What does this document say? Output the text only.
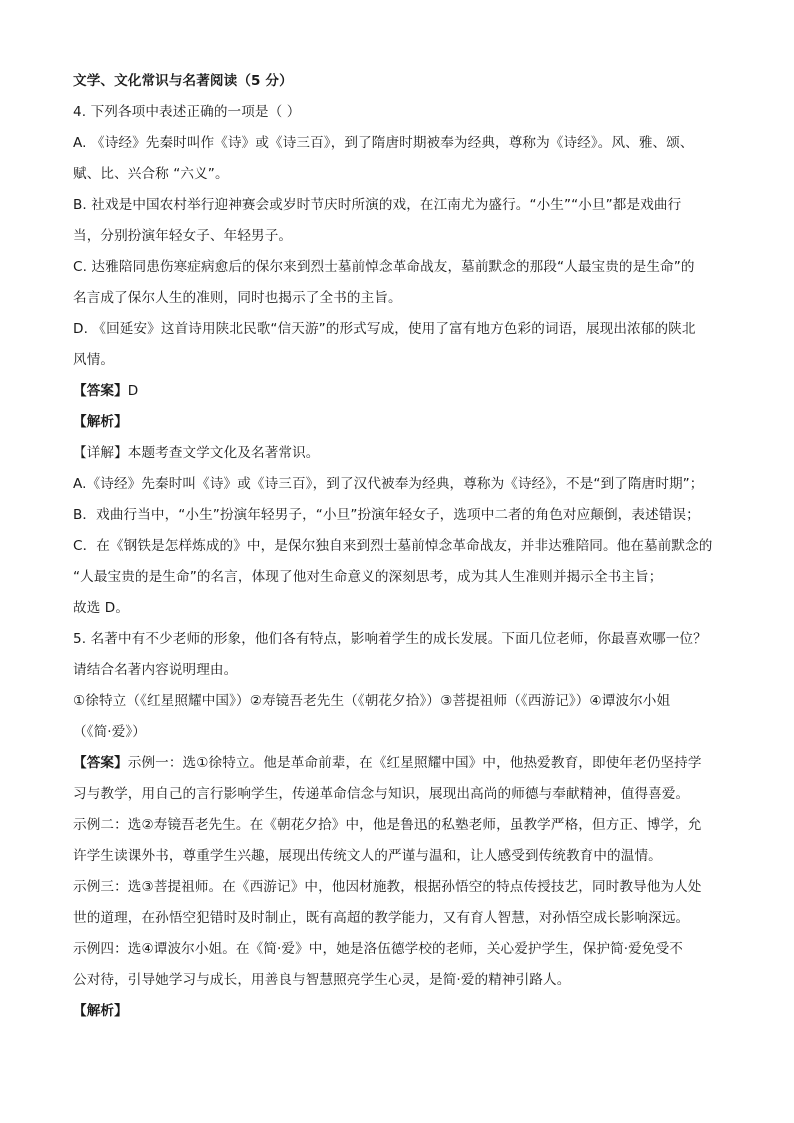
文学、文化常识与名著阅读（5 分）
4. 下列各项中表述正确的一项是（ ）
A. 《诗经》先秦时叫作《诗》或《诗三百》，到了隋唐时期被奉为经典，尊称为《诗经》。风、雅、颂、
赋、比、兴合称 “六义”。
B. 社戏是中国农村举行迎神赛会或岁时节庆时所演的戏，在江南尤为盛行。“小生”“小旦”都是戏曲行
当，分别扮演年轻女子、年轻男子。
C. 达雅陪同患伤寒症病愈后的保尔来到烈士墓前悼念革命战友，墓前默念的那段“人最宝贵的是生命”的
名言成了保尔人生的准则，同时也揭示了全书的主旨。
D. 《回延安》这首诗用陕北民歌“信天游”的形式写成，使用了富有地方色彩的词语，展现出浓郁的陕北
风情。
【答案】D
【解析】
【详解】本题考查文学文化及名著常识。
A.《诗经》先秦时叫《诗》或《诗三百》，到了汉代被奉为经典，尊称为《诗经》，不是“到了隋唐时期”；
B．戏曲行当中，“小生”扮演年轻男子，“小旦”扮演年轻女子，选项中二者的角色对应颠倒，表述错误；
C．在《钢铁是怎样炼成的》中，是保尔独自来到烈士墓前悼念革命战友，并非达雅陪同。他在墓前默念的
“人最宝贵的是生命”的名言，体现了他对生命意义的深刻思考，成为其人生准则并揭示全书主旨；
故选 D。
5. 名著中有不少老师的形象，他们各有特点，影响着学生的成长发展。下面几位老师，你最喜欢哪一位？
请结合名著内容说明理由。
①徐特立（《红星照耀中国》）②寿镜吾老先生（《朝花夕拾》）③菩提祖师（《西游记》）④谭波尔小姐
（《简·爱》）
【答案】示例一：选①徐特立。他是革命前辈，在《红星照耀中国》中，他热爱教育，即使年老仍坚持学
习与教学，用自己的言行影响学生，传递革命信念与知识，展现出高尚的师德与奉献精神，值得喜爱。
示例二：选②寿镜吾老先生。在《朝花夕拾》中，他是鲁迅的私塾老师，虽教学严格，但方正、博学，允
许学生读课外书，尊重学生兴趣，展现出传统文人的严谨与温和，让人感受到传统教育中的温情。
示例三：选③菩提祖师。在《西游记》中，他因材施教，根据孙悟空的特点传授技艺，同时教导他为人处
世的道理，在孙悟空犯错时及时制止，既有高超的教学能力，又有育人智慧，对孙悟空成长影响深远。
示例四：选④谭波尔小姐。在《简·爱》中，她是洛伍德学校的老师，关心爱护学生，保护简·爱免受不
公对待，引导她学习与成长，用善良与智慧照亮学生心灵，是简·爱的精神引路人。
【解析】
